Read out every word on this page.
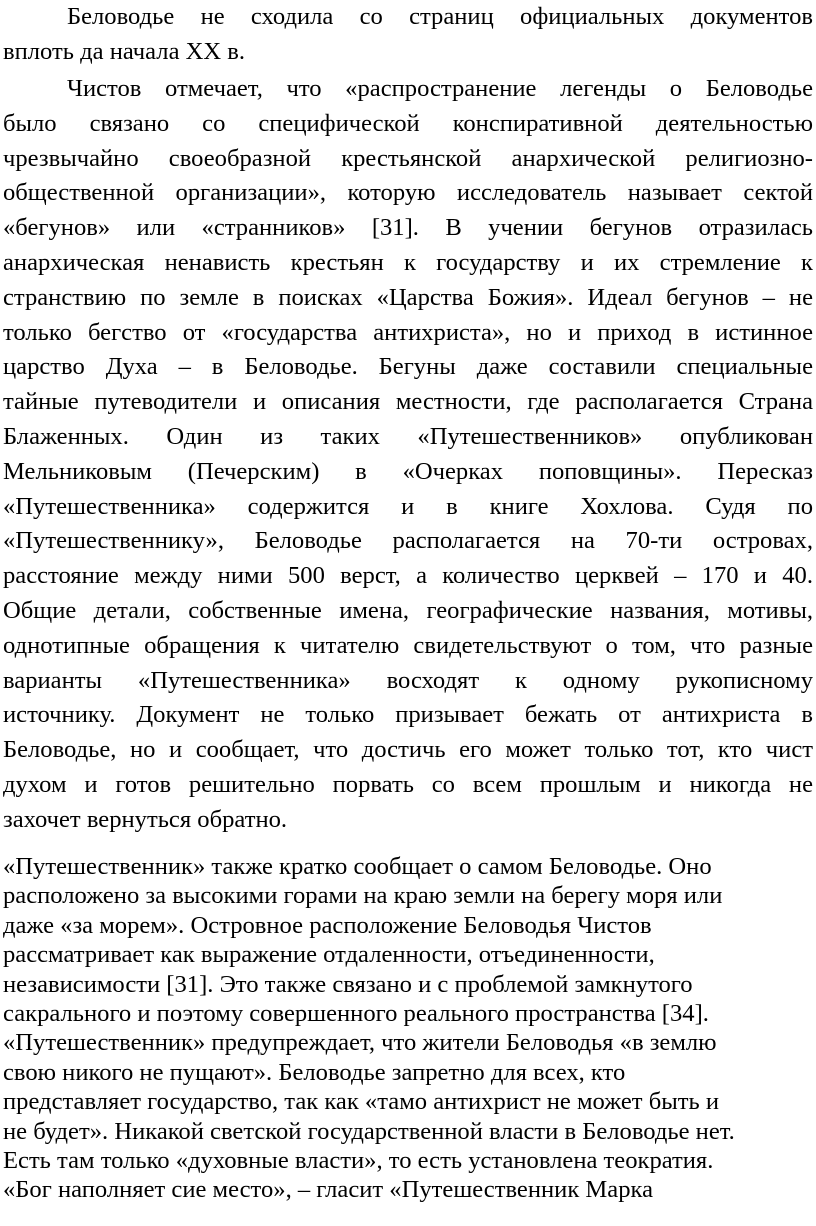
Беловодье не сходила со страниц официальных документов
вплоть да начала XX в.
Чистов отмечает, что «распространение легенды о Беловодье
было связано со специфической конспиративной деятельностью
чрезвычайно своеобразной крестьянской анархической религиозно-
общественной организации», которую исследователь называет сектой
«бегунов» или «странников» [31]. В учении бегунов отразилась
анархическая ненависть крестьян к государству и их стремление к
странствию по земле в поисках «Царства Божия». Идеал бегунов – не
только бегство от «государства антихриста», но и приход в истинное
царство Духа – в Беловодье. Бегуны даже составили специальные
тайные путеводители и описания местности, где располагается Страна
Блаженных. Один из таких «Путешественников» опубликован
Мельниковым (Печерским) в «Очерках поповщины». Пересказ
«Путешественника» содержится и в книге Хохлова. Судя по
«Путешественнику», Беловодье располагается на 70-ти островах,
расстояние между ними 500 верст, а количество церквей – 170 и 40.
Общие детали, собственные имена, географические названия, мотивы,
однотипные обращения к читателю свидетельствуют о том, что разные
варианты «Путешественника» восходят к одному рукописному
источнику. Документ не только призывает бежать от антихриста в
Беловодье, но и сообщает, что достичь его может только тот, кто чист
духом и готов решительно порвать со всем прошлым и никогда не
захочет вернуться обратно.
«Путешественник» также кратко сообщает о самом Беловодье. Оно
расположено за высокими горами на краю земли на берегу моря или
даже «за морем». Островное расположение Беловодья Чистов
рассматривает как выражение отдаленности, отъединенности,
независимости [31]. Это также связано и с проблемой замкнутого
сакрального и поэтому совершенного реального пространства [34].
«Путешественник» предупреждает, что жители Беловодья «в землю
свою никого не пущают». Беловодье запретно для всех, кто
представляет государство, так как «тамо антихрист не может быть и
не будет». Никакой светской государственной власти в Беловодье нет.
Есть там только «духовные власти», то есть установлена теократия.
«Бог наполняет сие место», – гласит «Путешественник Марка
